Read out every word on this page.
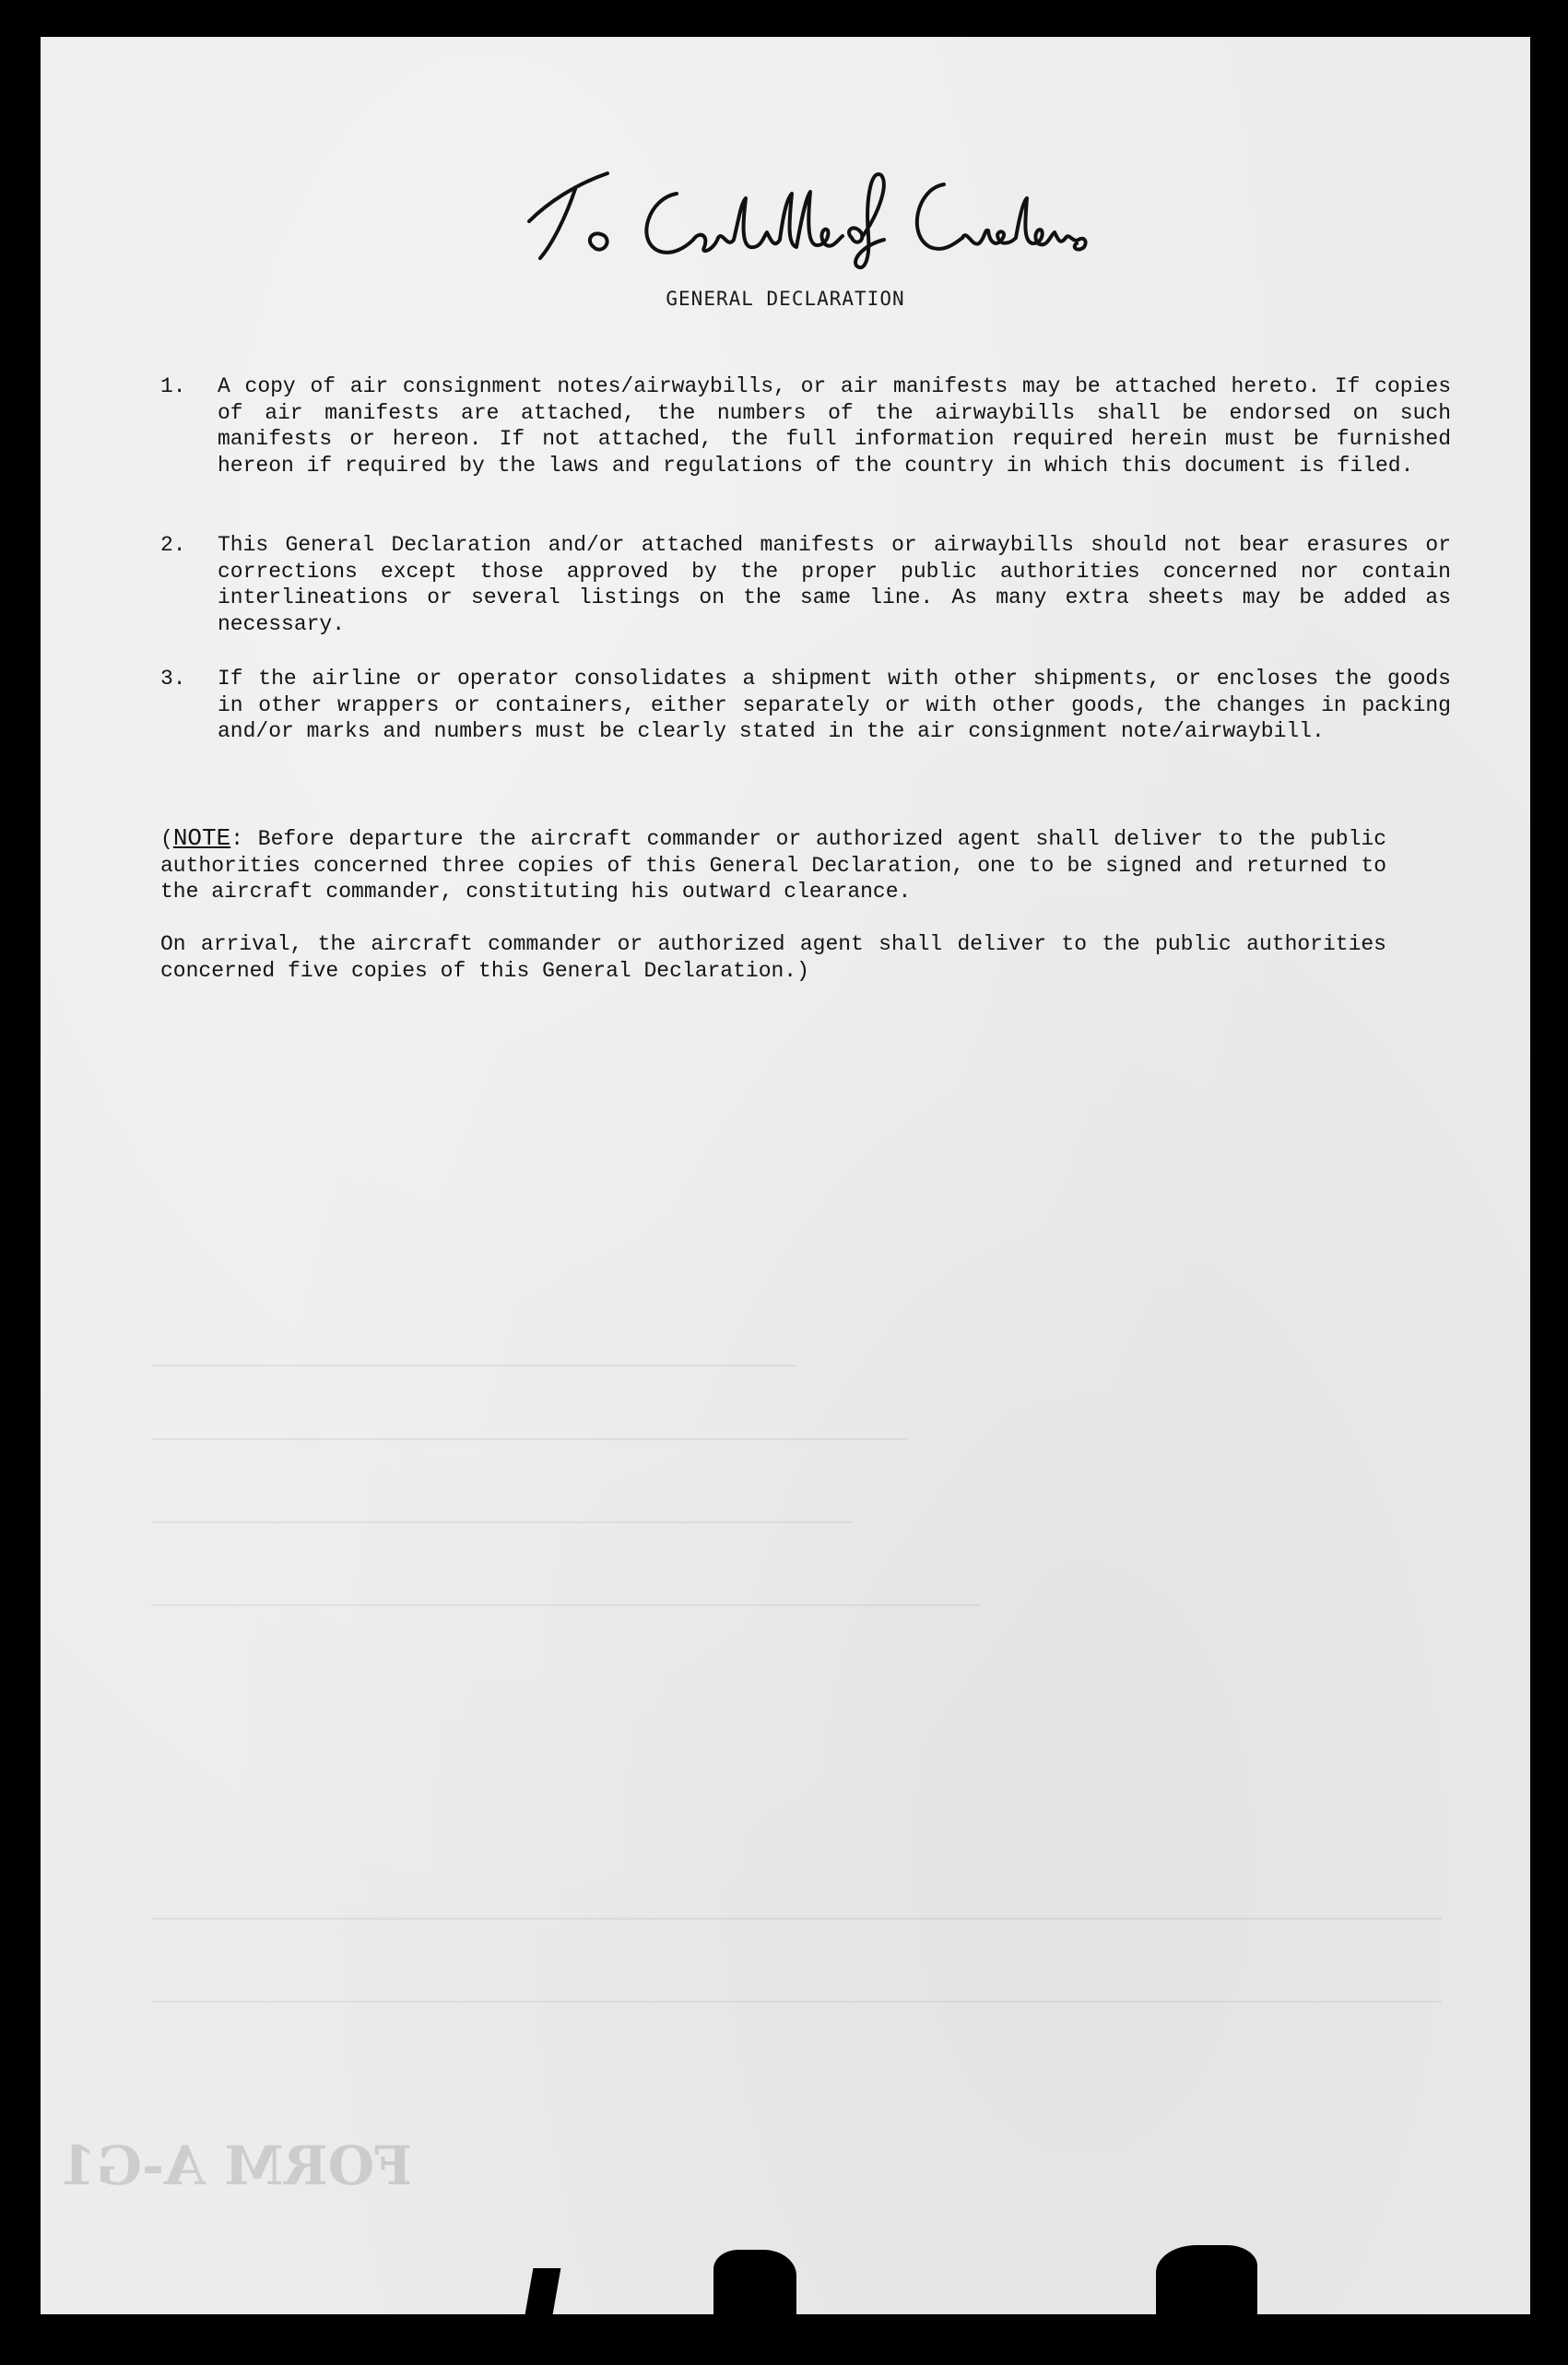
GENERAL DECLARATION
1.	A copy of air consignment notes/airwaybills, or air manifests may be attached hereto. If copies of air manifests are attached, the numbers of the airwaybills shall be endorsed on such manifests or hereon. If not attached, the full information required herein must be furnished hereon if required by the laws and regulations of the country in which this document is filed.
2.	This General Declaration and/or attached manifests or airwaybills should not bear erasures or corrections except those approved by the proper public authorities concerned nor contain interlineations or several listings on the same line. As many extra sheets may be added as necessary.
3.	If the airline or operator consolidates a shipment with other shipments, or encloses the goods in other wrappers or containers, either separately or with other goods, the changes in packing and/or marks and numbers must be clearly stated in the air consignment note/airwaybill.
(NOTE: Before departure the aircraft commander or authorized agent shall deliver to the public authorities concerned three copies of this General Declaration, one to be signed and returned to the aircraft commander, constituting his outward clearance.
On arrival, the aircraft commander or authorized agent shall deliver to the public authorities concerned five copies of this General Declaration.)
FORM A-G1
